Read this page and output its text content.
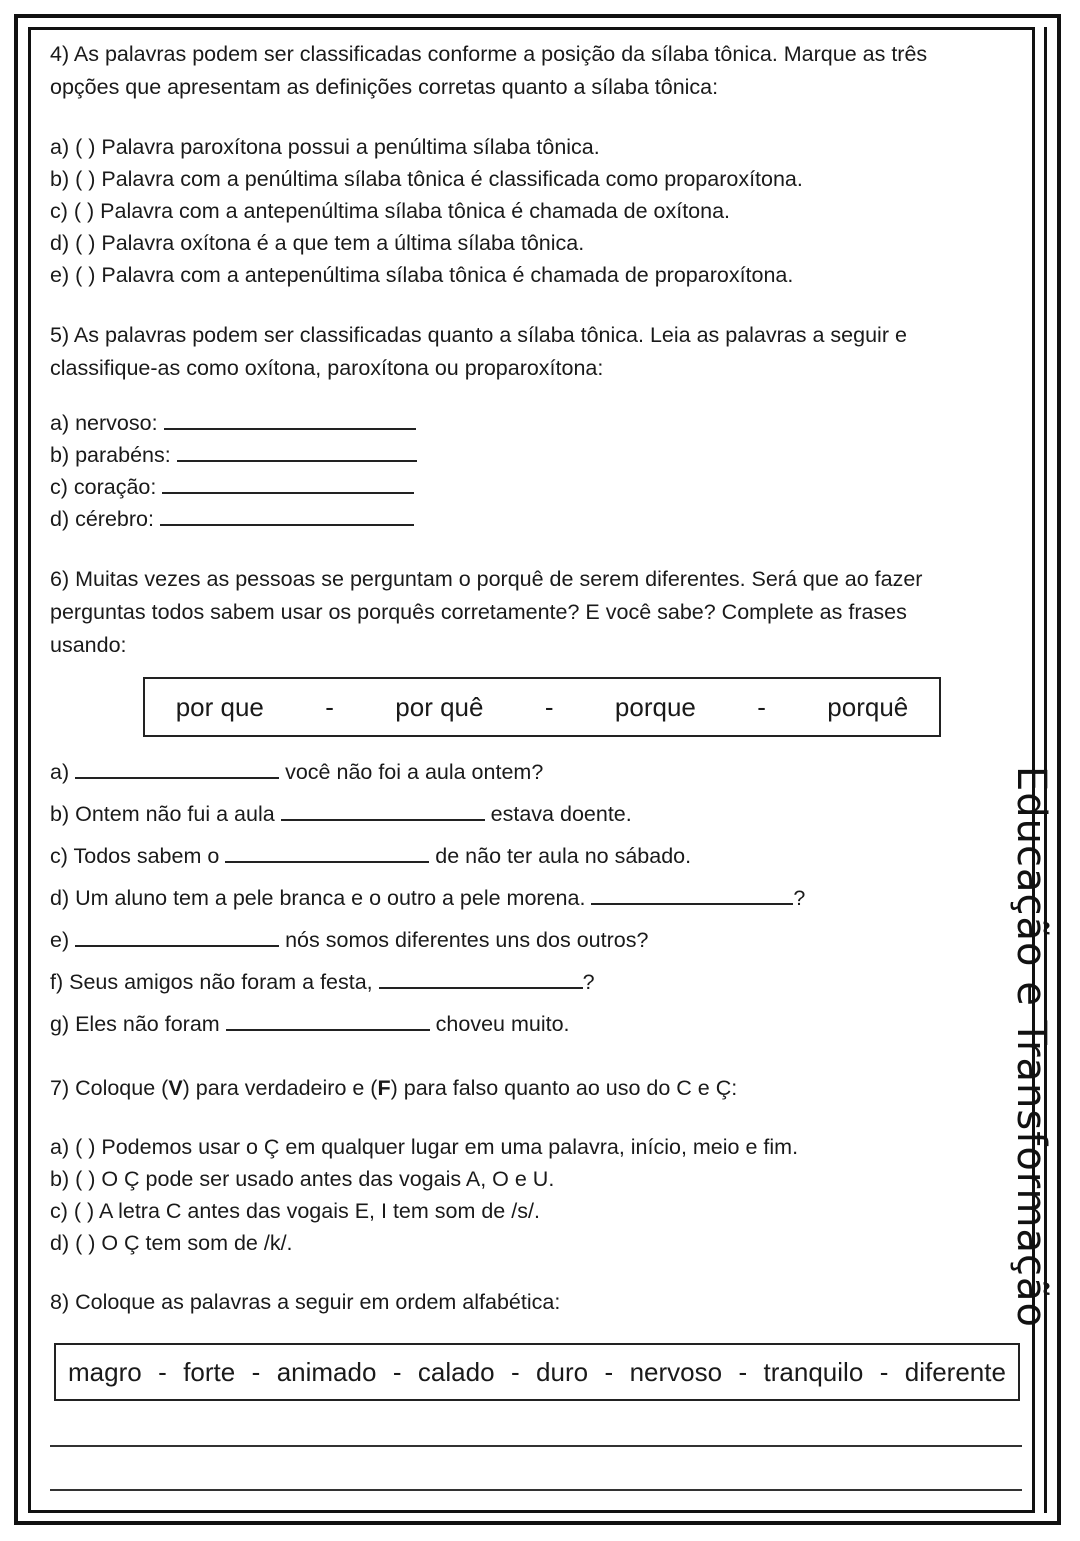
Educação e Transformação

4) As palavras podem ser classificadas conforme a posição da sílaba tônica. Marque as três

opções que apresentam as definições corretas quanto a sílaba tônica:

a) ( ) Palavra paroxítona possui a penúltima sílaba tônica.

b) ( ) Palavra com a penúltima sílaba tônica é classificada como proparoxítona.

c) ( ) Palavra com a antepenúltima sílaba tônica é chamada de oxítona.

d) ( ) Palavra oxítona é a que tem a última sílaba tônica.

e) ( ) Palavra com a antepenúltima sílaba tônica é chamada de proparoxítona.

5) As palavras podem ser classificadas quanto a sílaba tônica. Leia as palavras a seguir e

classifique-as como oxítona, paroxítona ou proparoxítona:

a) nervoso:

b) parabéns:

c) coração:

d) cérebro:

6) Muitas vezes as pessoas se perguntam o porquê de serem diferentes. Será que ao fazer

perguntas todos sabem usar os porquês corretamente? E você sabe? Complete as frases

usando:

por que - por quê - porque - porquê

a)	você não foi a aula ontem?

b) Ontem não fui a aula	estava doente.

c) Todos sabem o	de não ter aula no sábado.

d) Um aluno tem a pele branca e o outro a pele morena.	?

e)	nós somos diferentes uns dos outros?

f) Seus amigos não foram a festa,	?

g) Eles não foram	choveu muito.

7) Coloque (V) para verdadeiro e (F) para falso quanto ao uso do C e Ç:

a) ( ) Podemos usar o Ç em qualquer lugar em uma palavra, início, meio e fim.

b) ( ) O Ç pode ser usado antes das vogais A, O e U.

c) ( ) A letra C antes das vogais E, I tem som de /s/.

d) ( ) O Ç tem som de /k/.

8) Coloque as palavras a seguir em ordem alfabética:

magro - forte - animado - calado - duro - nervoso - tranquilo - diferente
